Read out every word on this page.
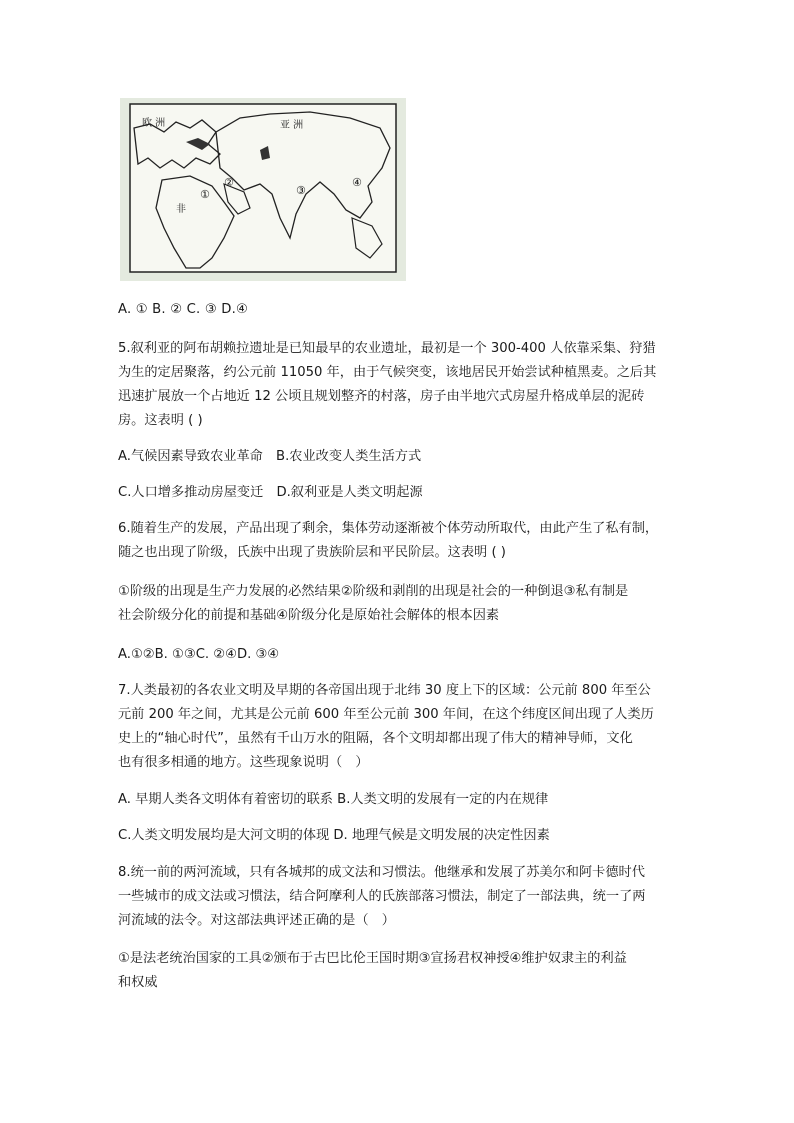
欧 洲	亚 洲
非
①
②
③
④
A. ① B. ② C. ③ D.④
5.叙利亚的阿布胡赖拉遗址是已知最早的农业遗址，最初是一个 300-400 人依靠采集、狩猎
为生的定居聚落，约公元前 11050 年，由于气候突变，该地居民开始尝试种植黑麦。之后其
迅速扩展放一个占地近 12 公顷且规划整齐的村落，房子由半地穴式房屋升格成单层的泥砖
房。这表明 ( )
A.气候因素导致农业革命　B.农业改变人类生活方式
C.人口增多推动房屋变迁　D.叙利亚是人类文明起源
6.随着生产的发展，产品出现了剩余，集体劳动逐渐被个体劳动所取代，由此产生了私有制，
随之也出现了阶级，氏族中出现了贵族阶层和平民阶层。这表明 ( )
①阶级的出现是生产力发展的必然结果②阶级和剥削的出现是社会的一种倒退③私有制是
社会阶级分化的前提和基础④阶级分化是原始社会解体的根本因素
A.①②B. ①③C. ②④D. ③④
7.人类最初的各农业文明及早期的各帝国出现于北纬 30 度上下的区域：公元前 800 年至公
元前 200 年之间，尤其是公元前 600 年至公元前 300 年间，在这个纬度区间出现了人类历
史上的“轴心时代”，虽然有千山万水的阻隔，各个文明却都出现了伟大的精神导师，文化
也有很多相通的地方。这些现象说明（　）
A. 早期人类各文明体有着密切的联系 B.人类文明的发展有一定的内在规律
C.人类文明发展均是大河文明的体现 D. 地理气候是文明发展的决定性因素
8.统一前的两河流域，只有各城邦的成文法和习惯法。他继承和发展了苏美尔和阿卡德时代
一些城市的成文法或习惯法，结合阿摩利人的氏族部落习惯法，制定了一部法典，统一了两
河流域的法令。对这部法典评述正确的是（　）
①是法老统治国家的工具②颁布于古巴比伦王国时期③宣扬君权神授④维护奴隶主的利益
和权威
